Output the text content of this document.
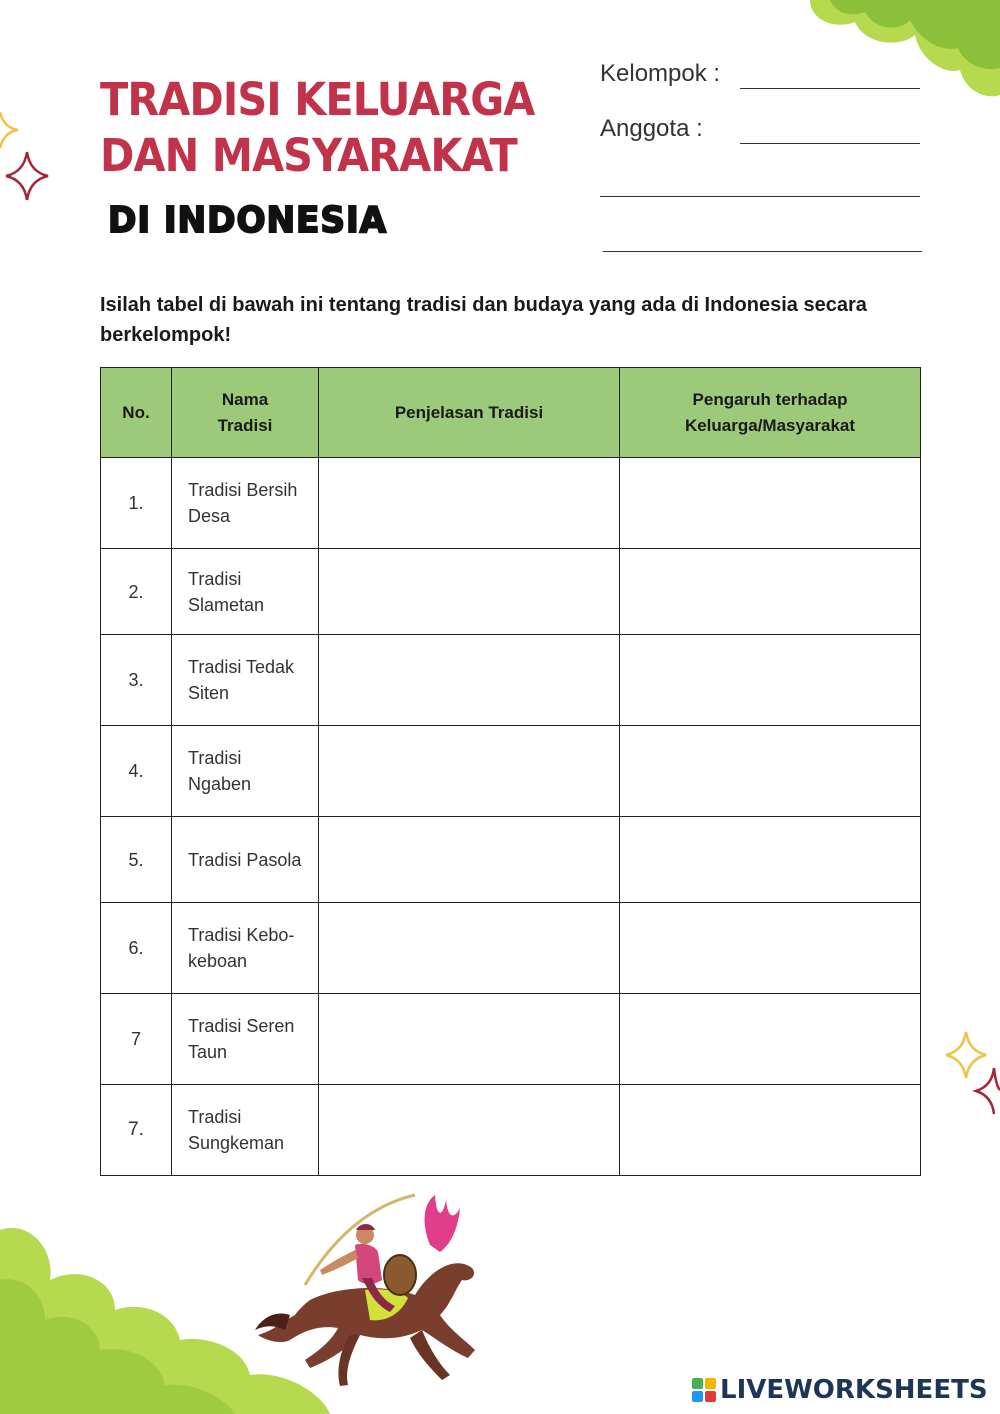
TRADISI KELUARGA
DAN MASYARAKAT
DI INDONESIA
Kelompok :
Anggota :

Isilah tabel di bawah ini tentang tradisi dan budaya yang ada di Indonesia secara berkelompok!

No.	Nama Tradisi	Penjelasan Tradisi	Pengaruh terhadap Keluarga/Masyarakat
1.	Tradisi Bersih Desa		
2.	Tradisi Slametan		
3.	Tradisi Tedak Siten		
4.	Tradisi Ngaben		
5.	Tradisi Pasola		
6.	Tradisi Kebo-keboan		
7	Tradisi Seren Taun		
7.	Tradisi Sungkeman		
LIVEWORKSHEETS
